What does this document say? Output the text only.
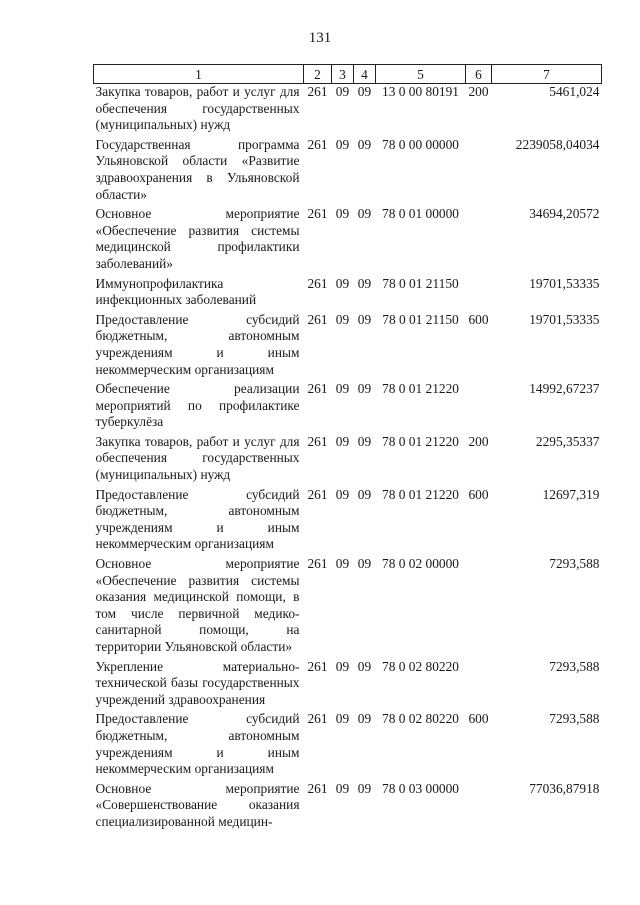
131
1	2	3	4	5	6	7
Закупка товаров, работ и услуг для обеспечения государственных (муниципальных) нужд	261	09	09	13 0 00 80191	200	5461,024
Государственная программа Ульяновской области «Развитие здравоохранения в Ульяновской области»	261	09	09	78 0 00 00000		2239058,04034
Основное мероприятие «Обеспечение развития системы медицинской профилактики заболеваний»	261	09	09	78 0 01 00000		34694,20572
Иммунопрофилактика инфекционных заболеваний	261	09	09	78 0 01 21150		19701,53335
Предоставление субсидий бюджетным, автономным учреждениям и иным некоммерческим организациям	261	09	09	78 0 01 21150	600	19701,53335
Обеспечение реализации мероприятий по профилактике туберкулёза	261	09	09	78 0 01 21220		14992,67237
Закупка товаров, работ и услуг для обеспечения государственных (муниципальных) нужд	261	09	09	78 0 01 21220	200	2295,35337
Предоставление субсидий бюджетным, автономным учреждениям и иным некоммерческим организациям	261	09	09	78 0 01 21220	600	12697,319
Основное мероприятие «Обеспечение развития системы оказания медицинской помощи, в том числе первичной медико-санитарной помощи, на территории Ульяновской области»	261	09	09	78 0 02 00000		7293,588
Укрепление материально-технической базы государственных учреждений здравоохранения	261	09	09	78 0 02 80220		7293,588
Предоставление субсидий бюджетным, автономным учреждениям и иным некоммерческим организациям	261	09	09	78 0 02 80220	600	7293,588
Основное мероприятие «Совершенствование оказания специализированной медицин-	261	09	09	78 0 03 00000		77036,87918
